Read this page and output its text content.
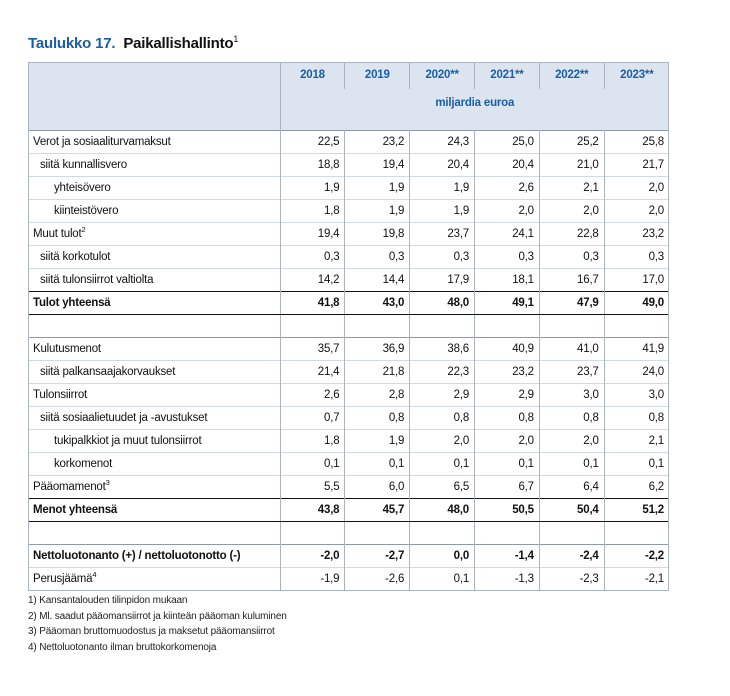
Taulukko 17. Paikallishallinto$^1$
	2018	2019	2020**	2021**	2022**	2023**
	miljardia euroa					

Verot ja sosiaaliturvamaksut	22,5	23,2	24,3	25,0	25,2	25,8
siitä kunnallisvero	18,8	19,4	20,4	20,4	21,0	21,7
yhteisövero	1,9	1,9	1,9	2,6	2,1	2,0
kiinteistövero	1,8	1,9	1,9	2,0	2,0	2,0
Muut tulot$^2$	19,4	19,8	23,7	24,1	22,8	23,2
siitä korkotulot	0,3	0,3	0,3	0,3	0,3	0,3
siitä tulonsiirrot valtiolta	14,2	14,4	17,9	18,1	16,7	17,0
Tulot yhteensä	41,8	43,0	48,0	49,1	47,9	49,0

Kulutusmenot	35,7	36,9	38,6	40,9	41,0	41,9
siitä palkansaajakorvaukset	21,4	21,8	22,3	23,2	23,7	24,0
Tulonsiirrot	2,6	2,8	2,9	2,9	3,0	3,0
siitä sosiaalietuudet ja -avustukset	0,7	0,8	0,8	0,8	0,8	0,8
tukipalkkiot ja muut tulonsiirrot	1,8	1,9	2,0	2,0	2,0	2,1
korkomenot	0,1	0,1	0,1	0,1	0,1	0,1
Pääomamenot$^3$	5,5	6,0	6,5	6,7	6,4	6,2
Menot yhteensä	43,8	45,7	48,0	50,5	50,4	51,2

Nettoluotonanto (+) / nettoluotonotto (-)	-2,0	-2,7	0,0	-1,4	-2,4	-2,2
Perusjäämä$^4$	-1,9	-2,6	0,1	-1,3	-2,3	-2,1
1) Kansantalouden tilinpidon mukaan
2) Ml. saadut pääomansiirrot ja kiinteän pääoman kuluminen
3) Pääoman bruttomuodostus ja maksetut pääomansiirrot
4) Nettoluotonanto ilman bruttokorkomenoja
